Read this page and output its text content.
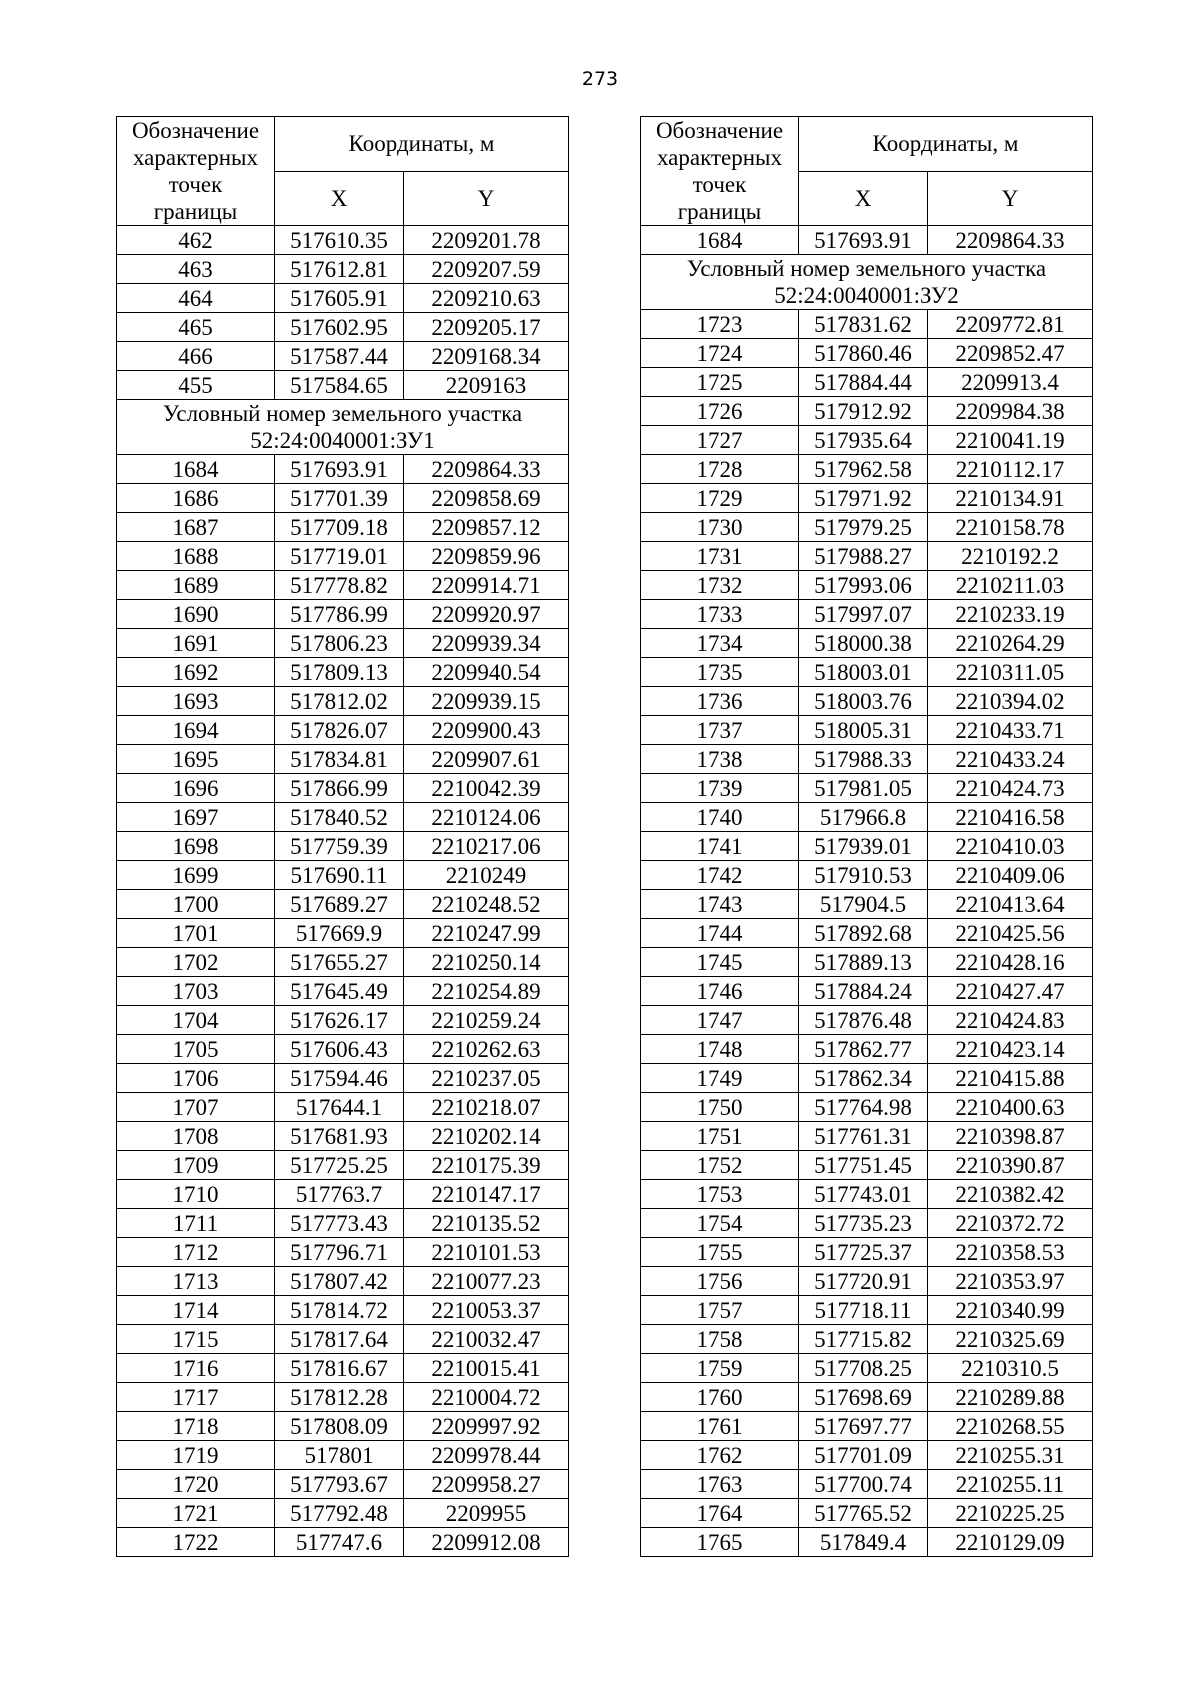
273
Обозначение
характерных
точек
границы	Координаты, м	
	X	Y
462	517610.35	2209201.78
463	517612.81	2209207.59
464	517605.91	2209210.63
465	517602.95	2209205.17
466	517587.44	2209168.34
455	517584.65	2209163
Условный номер земельного участка
52:24:0040001:ЗУ1		
1684	517693.91	2209864.33
1686	517701.39	2209858.69
1687	517709.18	2209857.12
1688	517719.01	2209859.96
1689	517778.82	2209914.71
1690	517786.99	2209920.97
1691	517806.23	2209939.34
1692	517809.13	2209940.54
1693	517812.02	2209939.15
1694	517826.07	2209900.43
1695	517834.81	2209907.61
1696	517866.99	2210042.39
1697	517840.52	2210124.06
1698	517759.39	2210217.06
1699	517690.11	2210249
1700	517689.27	2210248.52
1701	517669.9	2210247.99
1702	517655.27	2210250.14
1703	517645.49	2210254.89
1704	517626.17	2210259.24
1705	517606.43	2210262.63
1706	517594.46	2210237.05
1707	517644.1	2210218.07
1708	517681.93	2210202.14
1709	517725.25	2210175.39
1710	517763.7	2210147.17
1711	517773.43	2210135.52
1712	517796.71	2210101.53
1713	517807.42	2210077.23
1714	517814.72	2210053.37
1715	517817.64	2210032.47
1716	517816.67	2210015.41
1717	517812.28	2210004.72
1718	517808.09	2209997.92
1719	517801	2209978.44
1720	517793.67	2209958.27
1721	517792.48	2209955
1722	517747.6	2209912.08
Обозначение
характерных
точек
границы	Координаты, м	
	X	Y
1684	517693.91	2209864.33
Условный номер земельного участка
52:24:0040001:ЗУ2		
1723	517831.62	2209772.81
1724	517860.46	2209852.47
1725	517884.44	2209913.4
1726	517912.92	2209984.38
1727	517935.64	2210041.19
1728	517962.58	2210112.17
1729	517971.92	2210134.91
1730	517979.25	2210158.78
1731	517988.27	2210192.2
1732	517993.06	2210211.03
1733	517997.07	2210233.19
1734	518000.38	2210264.29
1735	518003.01	2210311.05
1736	518003.76	2210394.02
1737	518005.31	2210433.71
1738	517988.33	2210433.24
1739	517981.05	2210424.73
1740	517966.8	2210416.58
1741	517939.01	2210410.03
1742	517910.53	2210409.06
1743	517904.5	2210413.64
1744	517892.68	2210425.56
1745	517889.13	2210428.16
1746	517884.24	2210427.47
1747	517876.48	2210424.83
1748	517862.77	2210423.14
1749	517862.34	2210415.88
1750	517764.98	2210400.63
1751	517761.31	2210398.87
1752	517751.45	2210390.87
1753	517743.01	2210382.42
1754	517735.23	2210372.72
1755	517725.37	2210358.53
1756	517720.91	2210353.97
1757	517718.11	2210340.99
1758	517715.82	2210325.69
1759	517708.25	2210310.5
1760	517698.69	2210289.88
1761	517697.77	2210268.55
1762	517701.09	2210255.31
1763	517700.74	2210255.11
1764	517765.52	2210225.25
1765	517849.4	2210129.09
